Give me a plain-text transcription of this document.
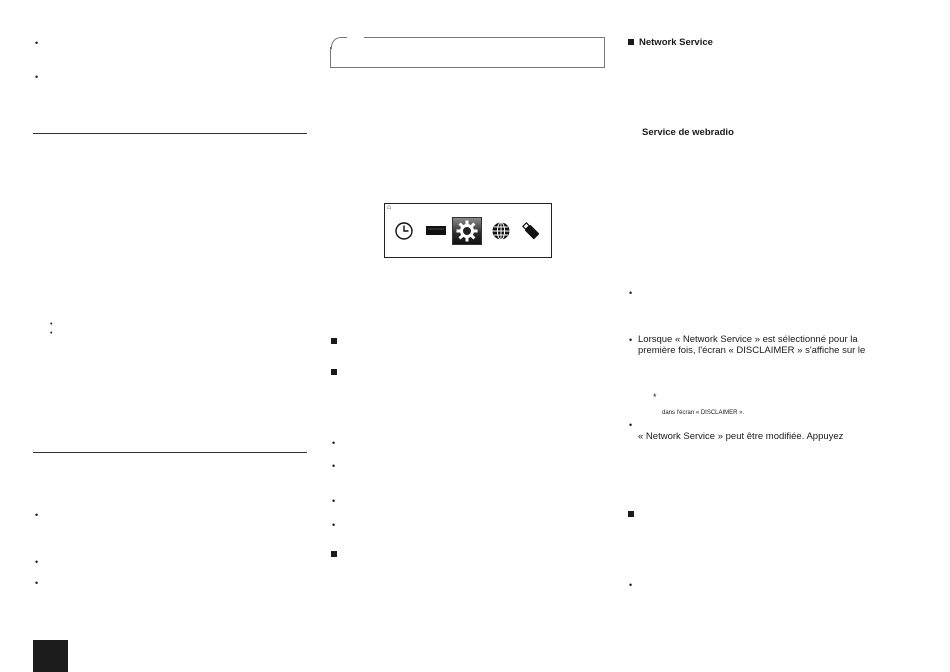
•
•
•
•
•
•
•
⌂
•
•
•
•
Network Service
Service de webradio
•
• Lorsque « Network Service » est sélectionné pour la
première fois, l'écran « DISCLAIMER » s'affiche sur le
*
dans l'écran « DISCLAIMER ».
•
« Network Service » peut être modifiée. Appuyez
•
